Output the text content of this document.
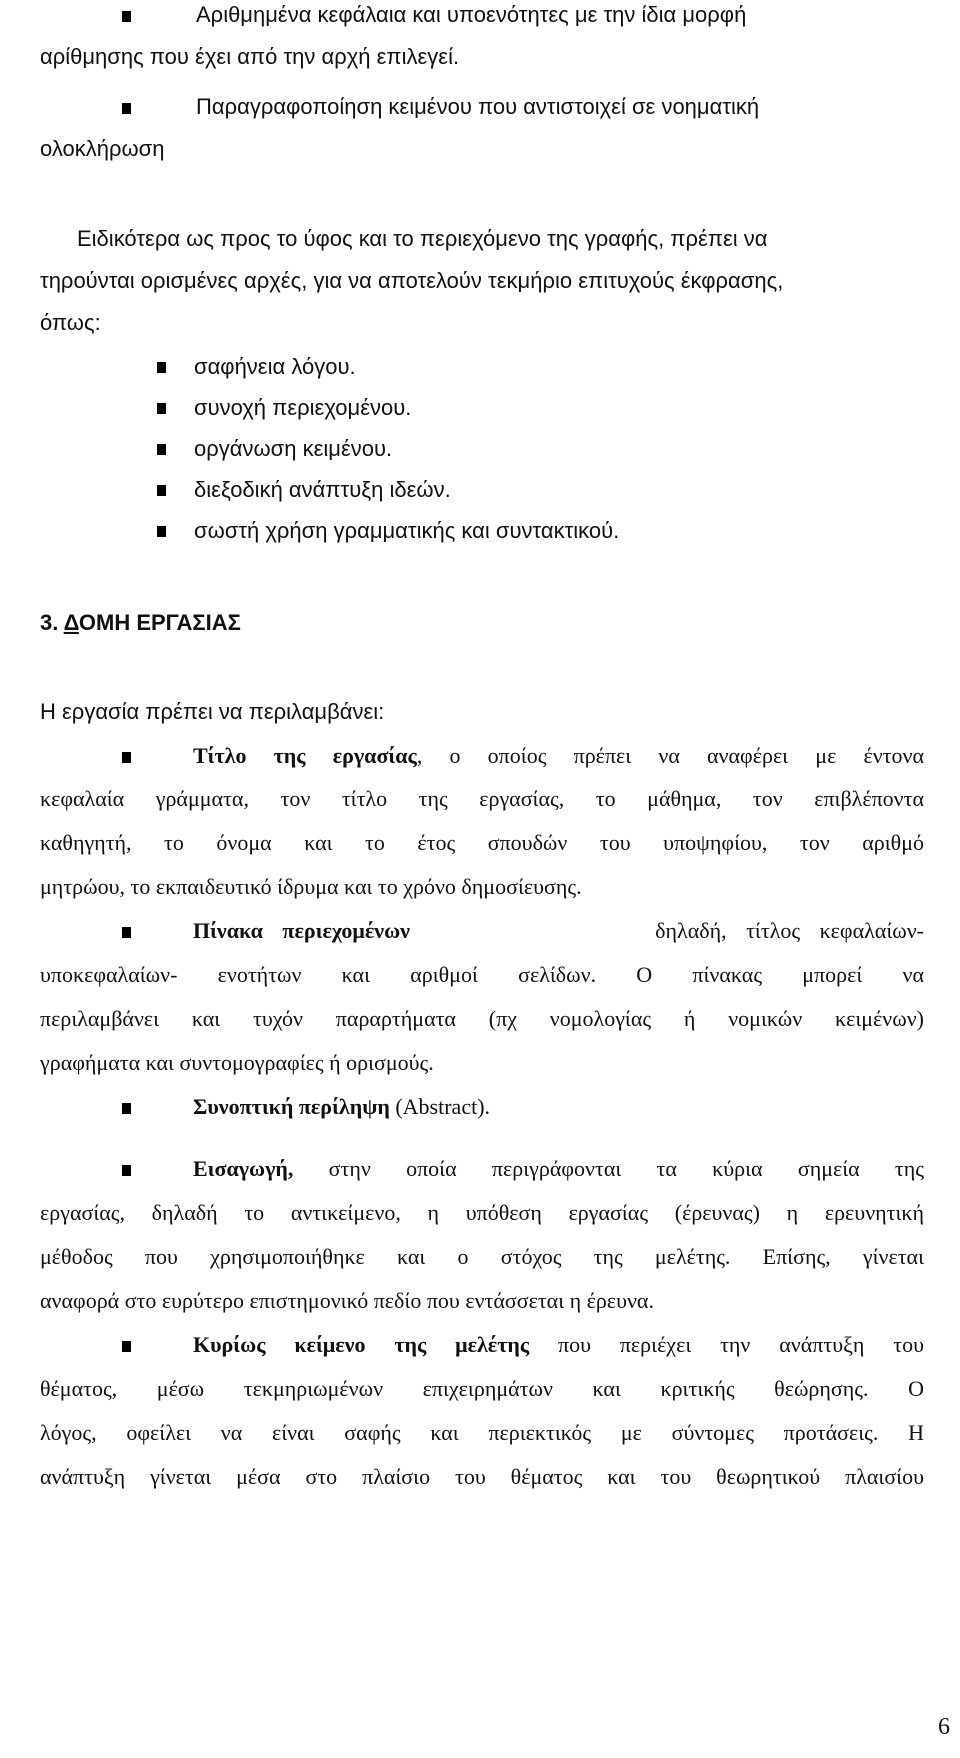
Αριθμημένα κεφάλαια και υποενότητες με την ίδια μορφή
αρίθμησης που έχει από την αρχή επιλεγεί.
Παραγραφοποίηση κειμένου που αντιστοιχεί σε νοηματική
ολοκλήρωση
Ειδικότερα ως προς το ύφος και το περιεχόμενο της γραφής, πρέπει να
τηρούνται ορισμένες αρχές, για να αποτελούν τεκμήριο επιτυχούς έκφρασης,
όπως:
σαφήνεια λόγου.
συνοχή περιεχομένου.
οργάνωση κειμένου.
διεξοδική ανάπτυξη ιδεών.
σωστή χρήση γραμματικής και συντακτικού.
3. ΔΟΜΗ ΕΡΓΑΣΙΑΣ
Η εργασία πρέπει να περιλαμβάνει:
Τίτλο της εργασίας, ο οποίος πρέπει να αναφέρει με έντονα
κεφαλαία γράμματα, τον τίτλο της εργασίας, το μάθημα, τον επιβλέποντα
καθηγητή, το όνομα και το έτος σπουδών του υποψηφίου, τον αριθμό
μητρώου, το εκπαιδευτικό ίδρυμα και το χρόνο δημοσίευσης.
Πίνακα περιεχομένων	δηλαδή, τίτλος κεφαλαίων-
υποκεφαλαίων- ενοτήτων και αριθμοί σελίδων. Ο πίνακας μπορεί να
περιλαμβάνει και τυχόν παραρτήματα (πχ νομολογίας ή νομικών κειμένων)
γραφήματα και συντομογραφίες ή ορισμούς.
Συνοπτική περίληψη (Abstract).
Εισαγωγή, στην οποία περιγράφονται τα κύρια σημεία της
εργασίας, δηλαδή το αντικείμενο, η υπόθεση εργασίας (έρευνας) η ερευνητική
μέθοδος που χρησιμοποιήθηκε και ο στόχος της μελέτης. Επίσης, γίνεται
αναφορά στο ευρύτερο επιστημονικό πεδίο που εντάσσεται η έρευνα.
Κυρίως κείμενο της μελέτης που περιέχει την ανάπτυξη του
θέματος, μέσω τεκμηριωμένων επιχειρημάτων και κριτικής θεώρησης. Ο
λόγος, οφείλει να είναι σαφής και περιεκτικός με σύντομες προτάσεις. Η
ανάπτυξη γίνεται μέσα στο πλαίσιο του θέματος και του θεωρητικού πλαισίου
6
